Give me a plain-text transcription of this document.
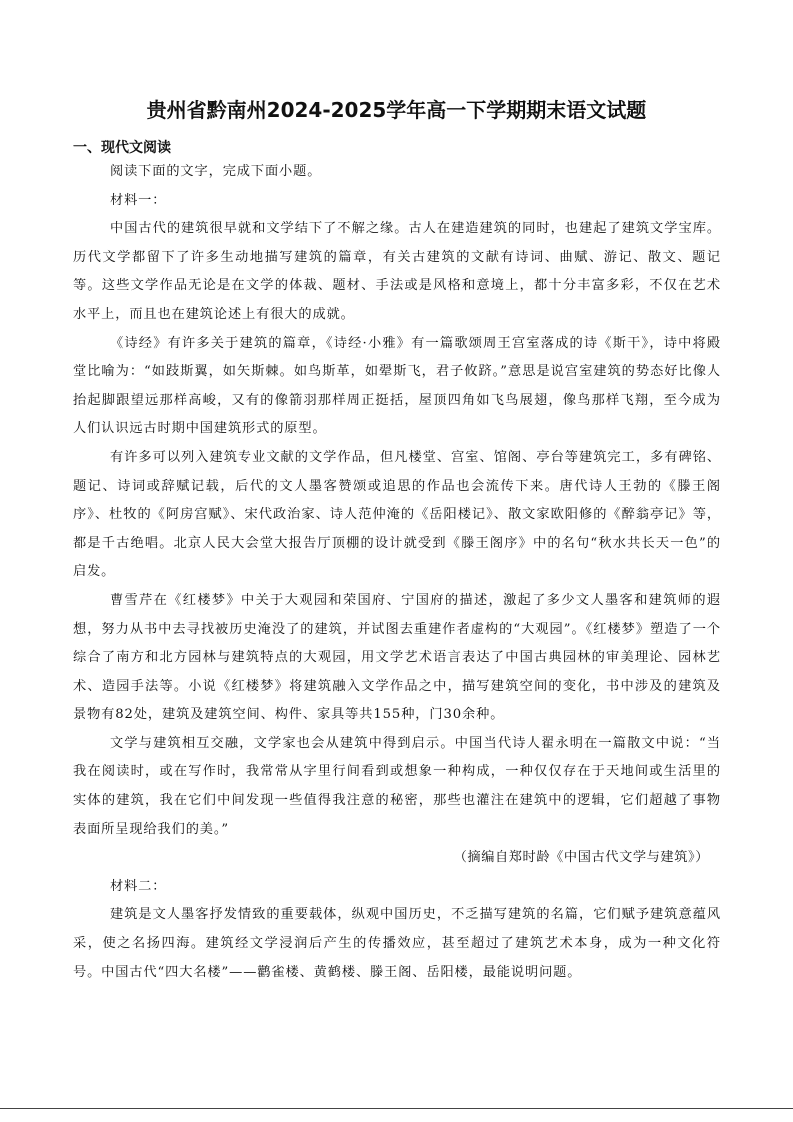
贵州省黔南州2024-2025学年高一下学期期末语文试题
一、现代文阅读

阅读下面的文字，完成下面小题。

材料一：

中国古代的建筑很早就和文学结下了不解之缘。古人在建造建筑的同时，也建起了建筑文学宝库。历代文学都留下了许多生动地描写建筑的篇章，有关古建筑的文献有诗词、曲赋、游记、散文、题记等。这些文学作品无论是在文学的体裁、题材、手法或是风格和意境上，都十分丰富多彩，不仅在艺术水平上，而且也在建筑论述上有很大的成就。

《诗经》有许多关于建筑的篇章，《诗经·小雅》有一篇歌颂周王宫室落成的诗《斯干》，诗中将殿堂比喻为：“如跂斯翼，如矢斯棘。如鸟斯革，如翚斯飞，君子攸跻。”意思是说宫室建筑的势态好比像人抬起脚跟望远那样高峻，又有的像箭羽那样周正挺括，屋顶四角如飞鸟展翅，像鸟那样飞翔，至今成为人们认识远古时期中国建筑形式的原型。

有许多可以列入建筑专业文献的文学作品，但凡楼堂、宫室、馆阁、亭台等建筑完工，多有碑铭、题记、诗词或辞赋记载，后代的文人墨客赞颂或追思的作品也会流传下来。唐代诗人王勃的《滕王阁序》、杜牧的《阿房宫赋》、宋代政治家、诗人范仲淹的《岳阳楼记》、散文家欧阳修的《醉翁亭记》等，都是千古绝唱。北京人民大会堂大报告厅顶棚的设计就受到《滕王阁序》中的名句“秋水共长天一色”的启发。

曹雪芹在《红楼梦》中关于大观园和荣国府、宁国府的描述，激起了多少文人墨客和建筑师的遐想，努力从书中去寻找被历史淹没了的建筑，并试图去重建作者虚构的“大观园”。《红楼梦》塑造了一个综合了南方和北方园林与建筑特点的大观园，用文学艺术语言表达了中国古典园林的审美理论、园林艺术、造园手法等。小说《红楼梦》将建筑融入文学作品之中，描写建筑空间的变化，书中涉及的建筑及景物有82处，建筑及建筑空间、构件、家具等共155种，门30余种。

文学与建筑相互交融，文学家也会从建筑中得到启示。中国当代诗人翟永明在一篇散文中说：“当我在阅读时，或在写作时，我常常从字里行间看到或想象一种构成，一种仅仅存在于天地间或生活里的实体的建筑，我在它们中间发现一些值得我注意的秘密，那些也灌注在建筑中的逻辑，它们超越了事物表面所呈现给我们的美。”

（摘编自郑时龄《中国古代文学与建筑》）

材料二：

建筑是文人墨客抒发情致的重要载体，纵观中国历史，不乏描写建筑的名篇，它们赋予建筑意蕴风采，使之名扬四海。建筑经文学浸润后产生的传播效应，甚至超过了建筑艺术本身，成为一种文化符号。中国古代“四大名楼”——鹳雀楼、黄鹤楼、滕王阁、岳阳楼，最能说明问题。
